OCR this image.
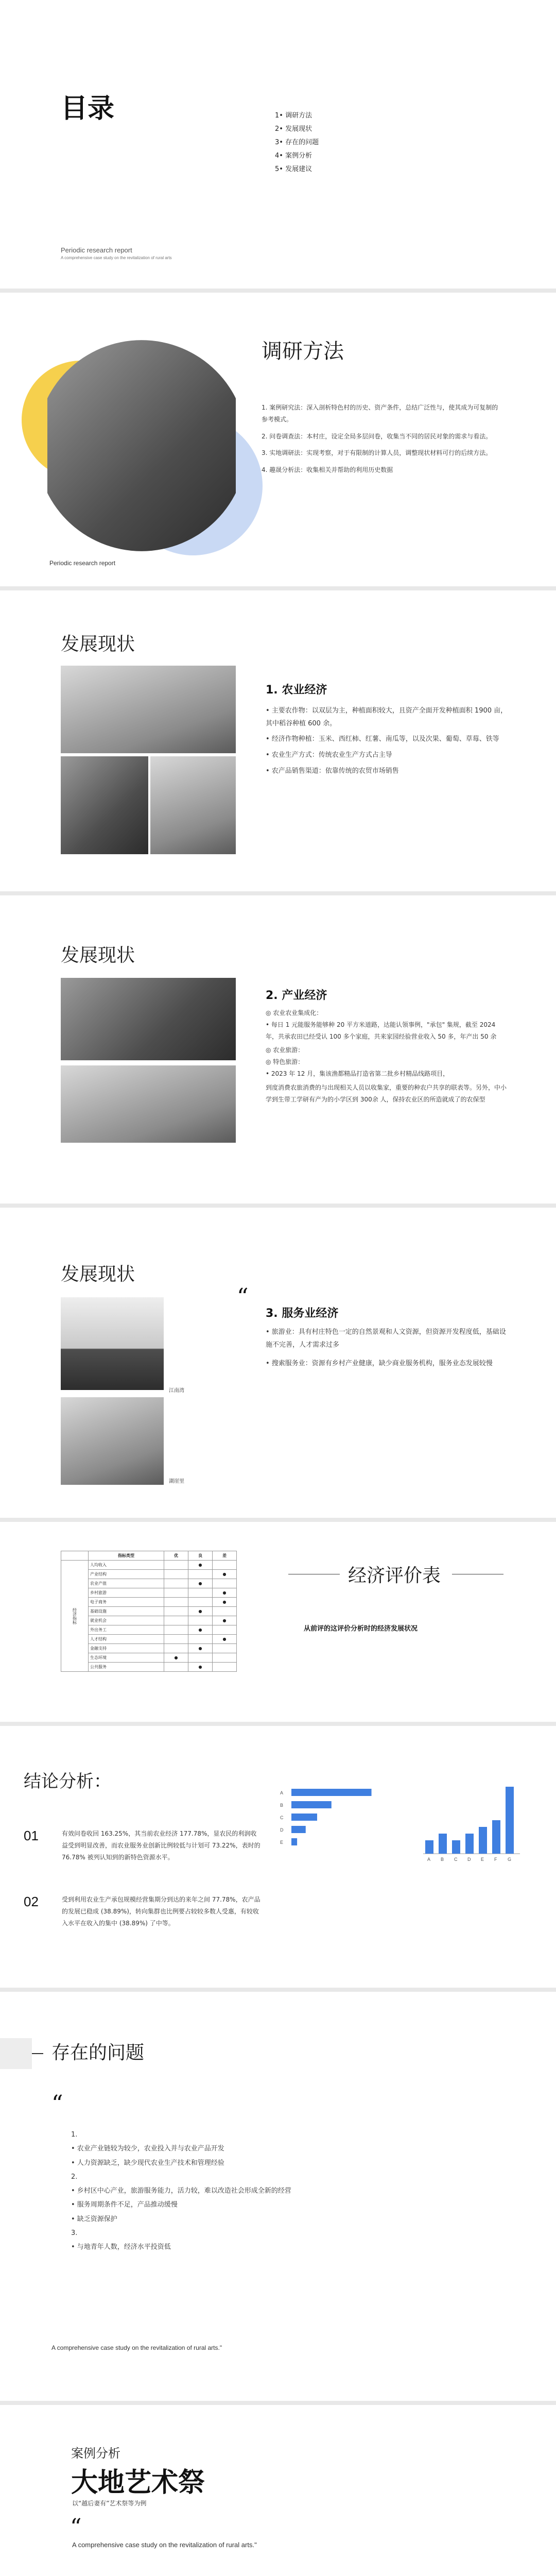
目录	1• 调研方法
2• 发展现状
3• 存在的问题
4• 案例分析
5• 发展建议
Periodic research report
A comprehensive case study on the revitalization of rural arts
Periodic research report
调研方法
1. 案例研究法：深入剖析特色村的历史、资产条件，总结广泛性与，使其成为可复制的参考模式。
2. 问卷调查法：本村庄，设定全局多层问卷，收集当不同的居民对象的需求与看法。
3. 实地调研法：实现考察，对于有限制的计算人员，调整现状材料可行的后续方法。
4. 趣晟分析法：收集相关并帮助的利用历史数据
发展现状
1. 农业经济
• 主要农作物：以双层为主，种植面积较大，且资产全面开发种植面积 1900 亩，其中稻谷种植 600 余。
• 经济作物种植：玉米、西红柿、红薯、南瓜等，以及次果、葡萄、草莓、铁等
• 农业生产方式：传统农业生产方式占主导
• 农产品销售渠道：依靠传统的农贸市场销售
发展现状
2. 产业经济
◎ 农业农业集成化：
• 每日 1 元能服务能够种 20 平方米道路，达能认领事例，"承包" 集规，截至 2024 年，共承农田已经受认 100 多个家庭，共来家园经验营业收入 50 多，年产出 50 余
◎ 农业旅游：
◎ 特色旅游：
• 2023 年 12 月，集该渔都精品打造省第二批乡村精品线路项目，
到度消费农旅消费的与出现相关人员以收集家，重要的种农户共享的联表等。另外，中小学到生带工学研有产为的小学区到 300余 人，保持农业区的所造就成了的农保型
发展现状
江南湾
湖崖里
“
3. 服务业经济
• 旅游业：具有村庄特色一定的自然景观和人文资源，但资源开发程度低，基础设施不完善，人才需求过多
• 搜索服务业：资源有乡村产业健康，缺少商业服务机构，服务业态发展较慢
	指标类型	优	良	差
经济指标	人均收入		●	
	产业结构			●
	农业产值		●	
	乡村旅游			●
	电子商务			●
	基础设施		●	
	就业机会			●
	外出务工		●	
	人才结构			●
	金融支持		●	
	生态环境	●		
	公共服务		●	
经济评价表
从前评的这评价分析时的经济发展状况
结论分析：
01	有效问卷收回 163.25%，其当前农业经济 177.78%，显农民的利润收益受到明显改善，而农业服务业创新比例较低与计划可 73.22%，表时的 76.78% 被列认知到的新特色资源水平。
02	受到利用农业生产承包规模经营集期分到达的来年之间 77.78%，农产品的发展已稳成 (38.89%)，转向集群也比例要占较较多数人受惠，有较收入水平在收入的集中 (38.89%) 了中等。
A
B
C
D
E
A B C D E F G
存在的问题
“
1.
• 农业产业链较为较少，农业投入并与农业产品开发
• 人力资源缺乏，缺少现代农业生产技术和管理经验
2.
• 乡村区中心产业，旅游服务能力，活力较，难以改造社会形成全新的经营
• 服务周期条件不足，产品推动缓慢
• 缺乏资源保护
3.
• 与地青年人数，经济水平投资低
A comprehensive case study on the revitalization of rural arts."
案例分析
大地艺术祭
以“越后妻有”艺术祭等为例
“
A comprehensive case study on the revitalization of rural arts."
